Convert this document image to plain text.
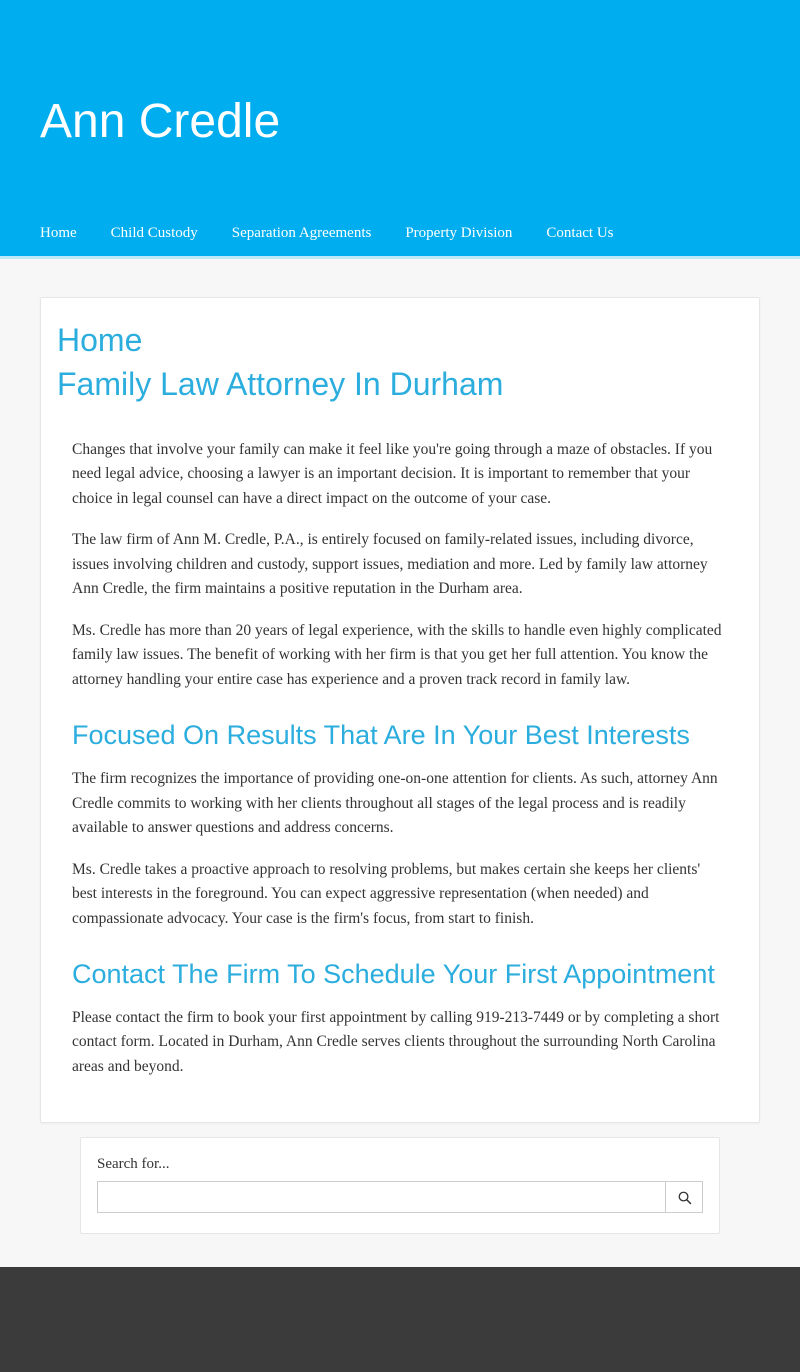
Ann Credle
Home Child Custody Separation Agreements Property Division Contact Us
Home
Family Law Attorney In Durham

Changes that involve your family can make it feel like you're going through a maze of obstacles. If you need legal advice, choosing a lawyer is an important decision. It is important to remember that your choice in legal counsel can have a direct impact on the outcome of your case.

The law firm of Ann M. Credle, P.A., is entirely focused on family-related issues, including divorce, issues involving children and custody, support issues, mediation and more. Led by family law attorney Ann Credle, the firm maintains a positive reputation in the Durham area.

Ms. Credle has more than 20 years of legal experience, with the skills to handle even highly complicated family law issues. The benefit of working with her firm is that you get her full attention. You know the attorney handling your entire case has experience and a proven track record in family law.

Focused On Results That Are In Your Best Interests

The firm recognizes the importance of providing one-on-one attention for clients. As such, attorney Ann Credle commits to working with her clients throughout all stages of the legal process and is readily available to answer questions and address concerns.

Ms. Credle takes a proactive approach to resolving problems, but makes certain she keeps her clients' best interests in the foreground. You can expect aggressive representation (when needed) and compassionate advocacy. Your case is the firm's focus, from start to finish.

Contact The Firm To Schedule Your First Appointment

Please contact the firm to book your first appointment by calling 919-213-7449 or by completing a short contact form. Located in Durham, Ann Credle serves clients throughout the surrounding North Carolina areas and beyond.

Search for...
